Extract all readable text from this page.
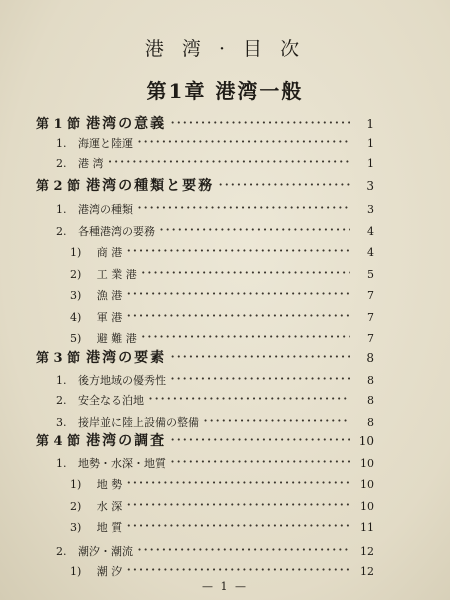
港 湾 · 目 次
第1章 港湾一般
第 1 節 港湾の意義 ·····	1
1. 海運と陸運 ·····	1
2. 港 湾 ·····	1
第 2 節 港湾の種類と要務 ·····	3
1. 港湾の種類 ·····	3
2. 各種港湾の要務 ·····	4
1) 商 港 ·····	4
2) 工 業 港 ·····	5
3) 漁 港 ·····	7
4) 軍 港 ·····	7
5) 避 難 港 ·····	7
第 3 節 港湾の要素 ·····	8
1. 後方地域の優秀性 ·····	8
2. 安全なる泊地 ·····	8
3. 接岸並に陸上設備の整備 ·····	8
第 4 節 港湾の調査 ·····	10
1. 地勢・水深・地質 ·····	10
1) 地 勢 ·····	10
2) 水 深 ·····	10
3) 地 質 ·····	11
2. 潮汐・潮流 ·····	12
1) 潮 汐 ·····	12
— 1 —
